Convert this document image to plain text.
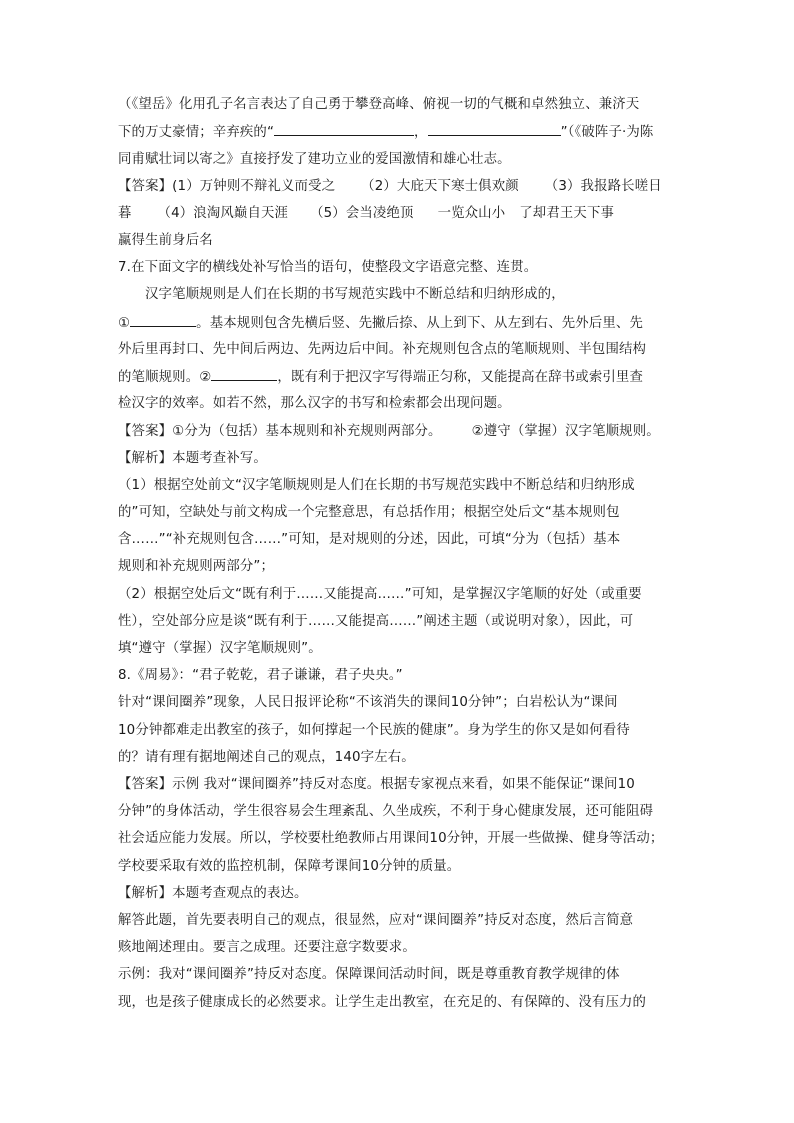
（《望岳》化用孔子名言表达了自己勇于攀登高峰、俯视一切的气概和卓然独立、兼济天
下的万丈豪情；辛弃疾的“	，	”（《破阵子·为陈
同甫赋壮词以寄之》直接抒发了建功立业的爱国激情和雄心壮志。
【答案】(1）万钟则不辩礼义而受之 （2）大庇天下寒士俱欢颜 （3）我报路长嗟日
暮 （4）浪淘风巅自天涯 （5）会当凌绝顶 一览众山小 了却君王天下事
赢得生前身后名
7.在下面文字的横线处补写恰当的语句，使整段文字语意完整、连贯。
汉字笔顺规则是人们在长期的书写规范实践中不断总结和归纳形成的，
①	。基本规则包含先横后竖、先撇后捺、从上到下、从左到右、先外后里、先
外后里再封口、先中间后两边、先两边后中间。补充规则包含点的笔顺规则、半包围结构
的笔顺规则。②	，既有利于把汉字写得端正匀称，又能提高在辞书或索引里查
检汉字的效率。如若不然，那么汉字的书写和检索都会出现问题。
【答案】①分为（包括）基本规则和补充规则两部分。 ②遵守（掌握）汉字笔顺规则。
【解析】本题考查补写。
（1）根据空处前文“汉字笔顺规则是人们在长期的书写规范实践中不断总结和归纳形成
的”可知，空缺处与前文构成一个完整意思，有总括作用；根据空处后文“基本规则包
含……”“补充规则包含……”可知，是对规则的分述，因此，可填“分为（包括）基本
规则和补充规则两部分”；
（2）根据空处后文“既有利于……又能提高……”可知，是掌握汉字笔顺的好处（或重要
性），空处部分应是谈“既有利于……又能提高……”阐述主题（或说明对象），因此，可
填“遵守（掌握）汉字笔顺规则”。
8.《周易》：“君子乾乾，君子谦谦，君子央央。”
针对“课间圈养”现象，人民日报评论称“不该消失的课间10分钟”；白岩松认为“课间
10分钟都难走出教室的孩子，如何撑起一个民族的健康”。身为学生的你又是如何看待
的？请有理有据地阐述自己的观点，140字左右。
【答案】示例 我对“课间圈养”持反对态度。根据专家视点来看，如果不能保证“课间10
分钟”的身体活动，学生很容易会生理紊乱、久坐成疾，不利于身心健康发展，还可能阻碍
社会适应能力发展。所以，学校要杜绝教师占用课间10分钟，开展一些做操、健身等活动；
学校要采取有效的监控机制，保障考课间10分钟的质量。
【解析】本题考查观点的表达。
解答此题，首先要表明自己的观点，很显然，应对“课间圈养”持反对态度，然后言简意
赅地阐述理由。要言之成理。还要注意字数要求。
示例：我对“课间圈养”持反对态度。保障课间活动时间，既是尊重教育教学规律的体
现，也是孩子健康成长的必然要求。让学生走出教室，在充足的、有保障的、没有压力的
